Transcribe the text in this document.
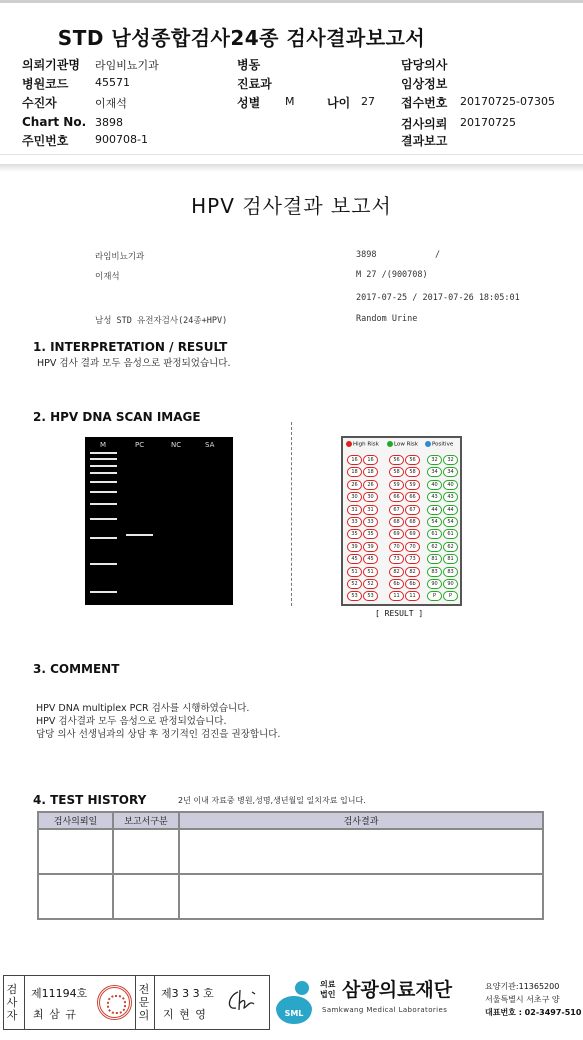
STD 남성종합검사24종 검사결과보고서
의뢰기관명 라임비뇨기과
병원코드 45571
수진자	이재석
Chart No. 3898
주민번호 900708-1
병동
진료과
성별 M	나이 27
담당의사
임상정보
접수번호 20170725-07305
검사의뢰 20170725
결과보고
HPV 검사결과 보고서
라임비뇨기과	3898	/
이재석	M 27 /(900708)
2017-07-25 / 2017-07-26 18:05:01
남성 STD 유전자검사(24종+HPV)	Random Urine
1. INTERPRETATION / RESULT
HPV 검사 결과 모두 음성으로 판정되었습니다.
2. HPV DNA SCAN IMAGE
M	PC	NC	SA	High Risk	Low Risk	Positive
16	16	56	56	32	32
18	18	58	58	34	34
26	26	59	59	40	40
30	30	66	66	43	43
31	31	67	67	44	44
33	33	68	68	54	54
35	35	69	69	61	61
39	39	70	70	62	62
45	45	73	73	81	81
51	51	82	82	83	83
52	52	6b	6b	90	90
53	53	11	11	P	P
[ RESULT ]
3. COMMENT
HPV DNA multiplex PCR 검사를 시행하였습니다.
HPV 검사결과 모두 음성으로 판정되었습니다.
담당 의사 선생님과의 상담 후 정기적인 검진을 권장합니다.
4. TEST HISTORY	2년 이내 자료중 병원,성명,생년월일 일치자료 입니다.
검사의뢰일	보고서구분	검사결과

검사자
제11194호
최 삼 규
전문의
제3 3 3 호
지 현 영	SML
의료
법인 삼광의료재단
Samkwang Medical Laboratories
요양기관:11365200
서울특별시 서초구 양
대표번호 : 02-3497-510
